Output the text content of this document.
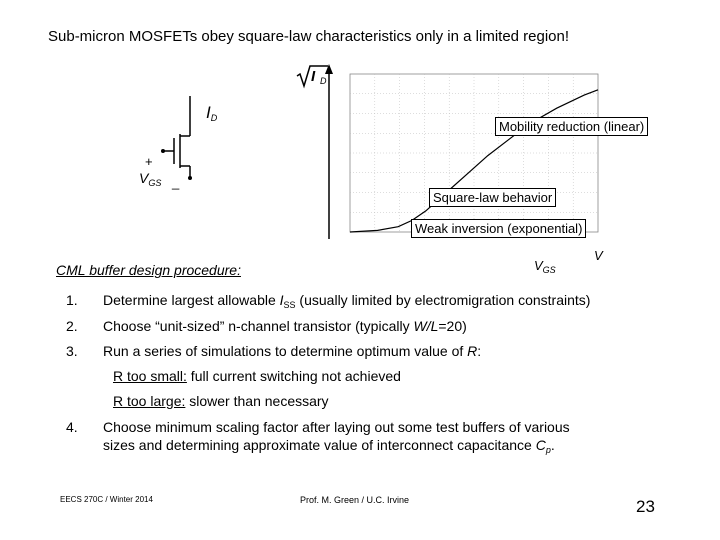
Sub-micron MOSFETs obey square-law characteristics only in a limited region!
$I_D$
+
$V_{GS}$ _
I D
V
Mobility reduction (linear)
Square-law behavior
Weak inversion (exponential)
$V_{GS}$
CML buffer design procedure:
1. Determine largest allowable $I_{SS}$ (usually limited by electromigration constraints)
2. Choose “unit-sized” n-channel transistor (typically W/L=20)
3. Run a series of simulations to determine optimum value of R:
R too small: full current switching not achieved
R too large: slower than necessary
4. Choose minimum scaling factor after laying out some test buffers of various
sizes and determining approximate value of interconnect capacitance $C_p$.
EECS 270C / Winter 2014	Prof. M. Green / U.C. Irvine	23
